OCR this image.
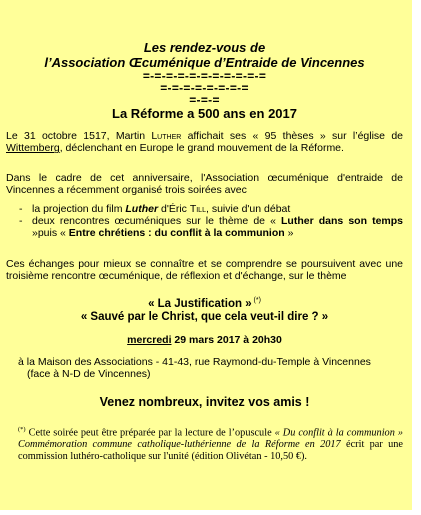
Les rendez-vous de
l’Association Œcuménique d’Entraide de Vincennes
=-=-=-=-=-=-=-=-=-=-=
=-=-=-=-=-=-=-=
=-=-=
La Réforme a 500 ans en 2017

Le 31 octobre 1517, Martin Luther affichait ses « 95 thèses » sur l’église de Wittemberg, déclenchant en Europe le grand mouvement de la Réforme.

Dans le cadre de cet anniversaire, l'Association œcuménique d'entraide de Vincennes a récemment organisé trois soirées avec

- la projection du film Luther d'Éric Till, suivie d'un débat
- deux rencontres œcuméniques sur le thème de « Luther dans son temps »puis « Entre chrétiens : du conflit à la communion »

Ces échanges pour mieux se connaître et se comprendre se poursuivent avec une troisième rencontre œcuménique, de réflexion et d'échange, sur le thème

« La Justification » (*)
« Sauvé par le Christ, que cela veut-il dire ? »
mercredi 29 mars 2017 à 20h30
à la Maison des Associations - 41-43, rue Raymond-du-Temple à Vincennes
(face à N-D de Vincennes)
Venez nombreux, invitez vos amis !

(*) Cette soirée peut être préparée par la lecture de l’opuscule « Du conflit à la communion » Commémoration commune catholique-luthérienne de la Réforme en 2017 écrit par une commission luthéro-catholique sur l'unité (édition Olivétan - 10,50 €).
